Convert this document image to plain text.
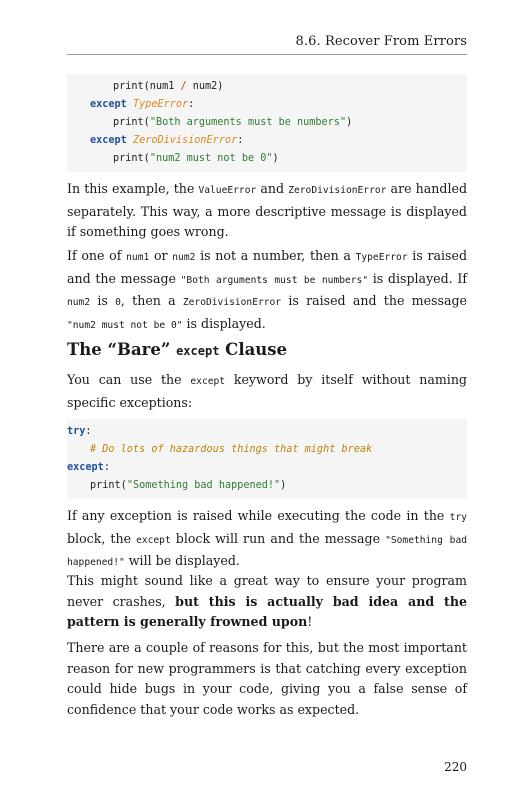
8.6. Recover From Errors
print(num1 / num2)
except TypeError:
print("Both arguments must be numbers")
except ZeroDivisionError:
print("num2 must not be 0")
In this example, the ValueError and ZeroDivisionError are handled separately. This way, a more descriptive message is displayed if something goes wrong.
If one of num1 or num2 is not a number, then a TypeError is raised and the message "Both arguments must be numbers" is displayed. If num2 is 0, then a ZeroDivisionError is raised and the message "num2 must not be 0" is displayed.
The “Bare” except Clause
You can use the except keyword by itself without naming specific exceptions:
try:
# Do lots of hazardous things that might break
except:
print("Something bad happened!")
If any exception is raised while executing the code in the try block, the except block will run and the message "Something bad happened!" will be displayed.
This might sound like a great way to ensure your program never crashes, but this is actually bad idea and the pattern is generally frowned upon!
There are a couple of reasons for this, but the most important reason for new programmers is that catching every exception could hide bugs in your code, giving you a false sense of confidence that your code works as expected.
220
